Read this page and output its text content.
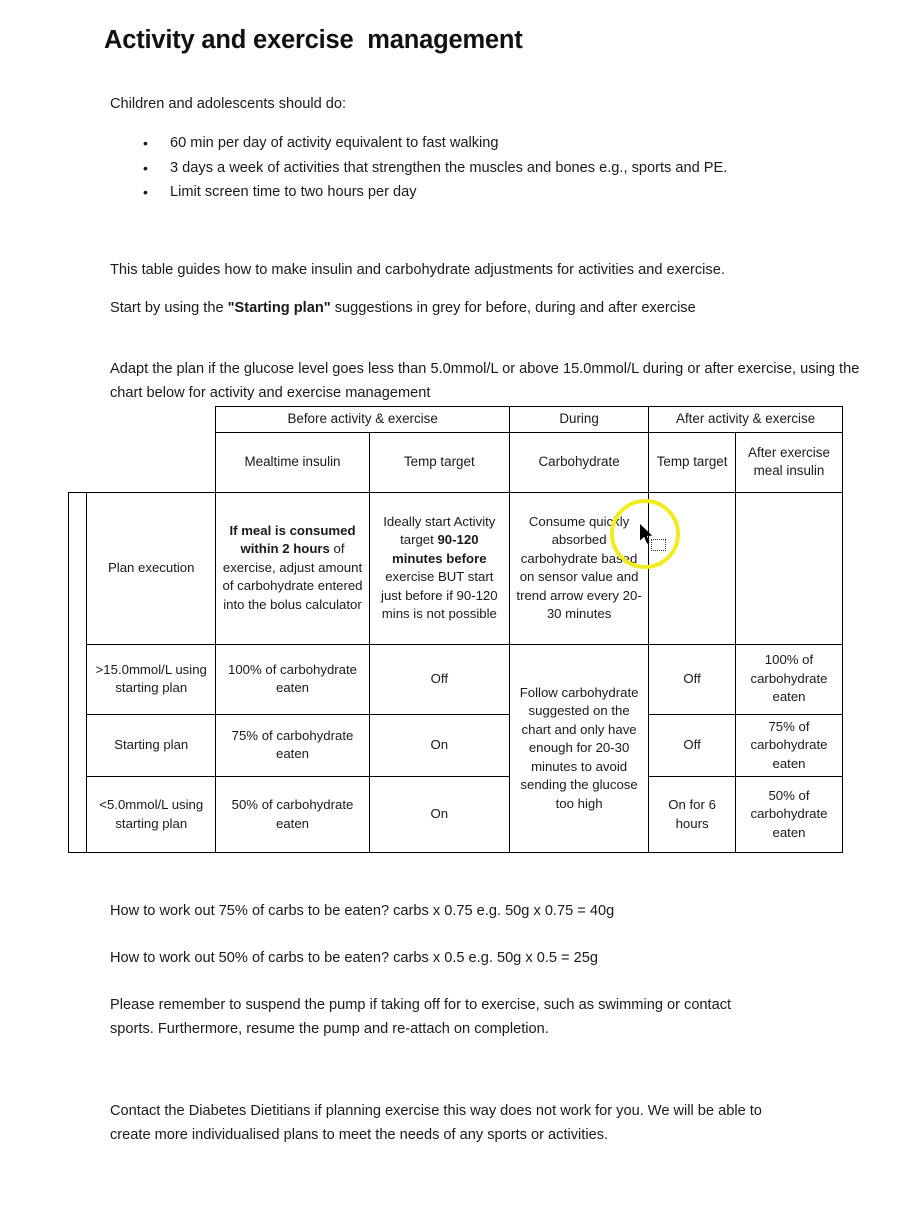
Activity and exercise  management
Children and adolescents should do:
• 60 min per day of activity equivalent to fast walking
• 3 days a week of activities that strengthen the muscles and bones e.g., sports and PE.
• Limit screen time to two hours per day
This table guides how to make insulin and carbohydrate adjustments for activities and exercise.
Start by using the "Starting plan" suggestions in grey for before, during and after exercise
Adapt the plan if the glucose level goes less than 5.0mmol/L or above 15.0mmol/L during or after exercise, using the chart below for activity and exercise management
		Before activity & exercise		During	After activity & exercise	
		Mealtime insulin	Temp target	Carbohydrate	Temp target	After exercise meal insulin
	Plan execution	If meal is consumed within 2 hours of exercise, adjust amount of carbohydrate entered into the bolus calculator	Ideally start Activity target 90-120 minutes before exercise BUT start just before if 90-120 mins is not possible	Consume quickly absorbed carbohydrate based on sensor value and trend arrow every 20-30 minutes		
	>15.0mmol/L using starting plan	100% of carbohydrate eaten	Off	Follow carbohydrate suggested on the chart and only have enough for 20-30 minutes to avoid sending the glucose too high	Off	100% of carbohydrate eaten
	Starting plan	75% of carbohydrate eaten	On		Off	75% of carbohydrate eaten
	<5.0mmol/L using starting plan	50% of carbohydrate eaten	On		On for 6 hours	50% of carbohydrate eaten
How to work out 75% of carbs to be eaten? carbs x 0.75 e.g. 50g x 0.75 = 40g
How to work out 50% of carbs to be eaten? carbs x 0.5 e.g. 50g x 0.5 = 25g
Please remember to suspend the pump if taking off for to exercise, such as swimming or contact sports. Furthermore, resume the pump and re-attach on completion.
Contact the Diabetes Dietitians if planning exercise this way does not work for you. We will be able to create more individualised plans to meet the needs of any sports or activities.
